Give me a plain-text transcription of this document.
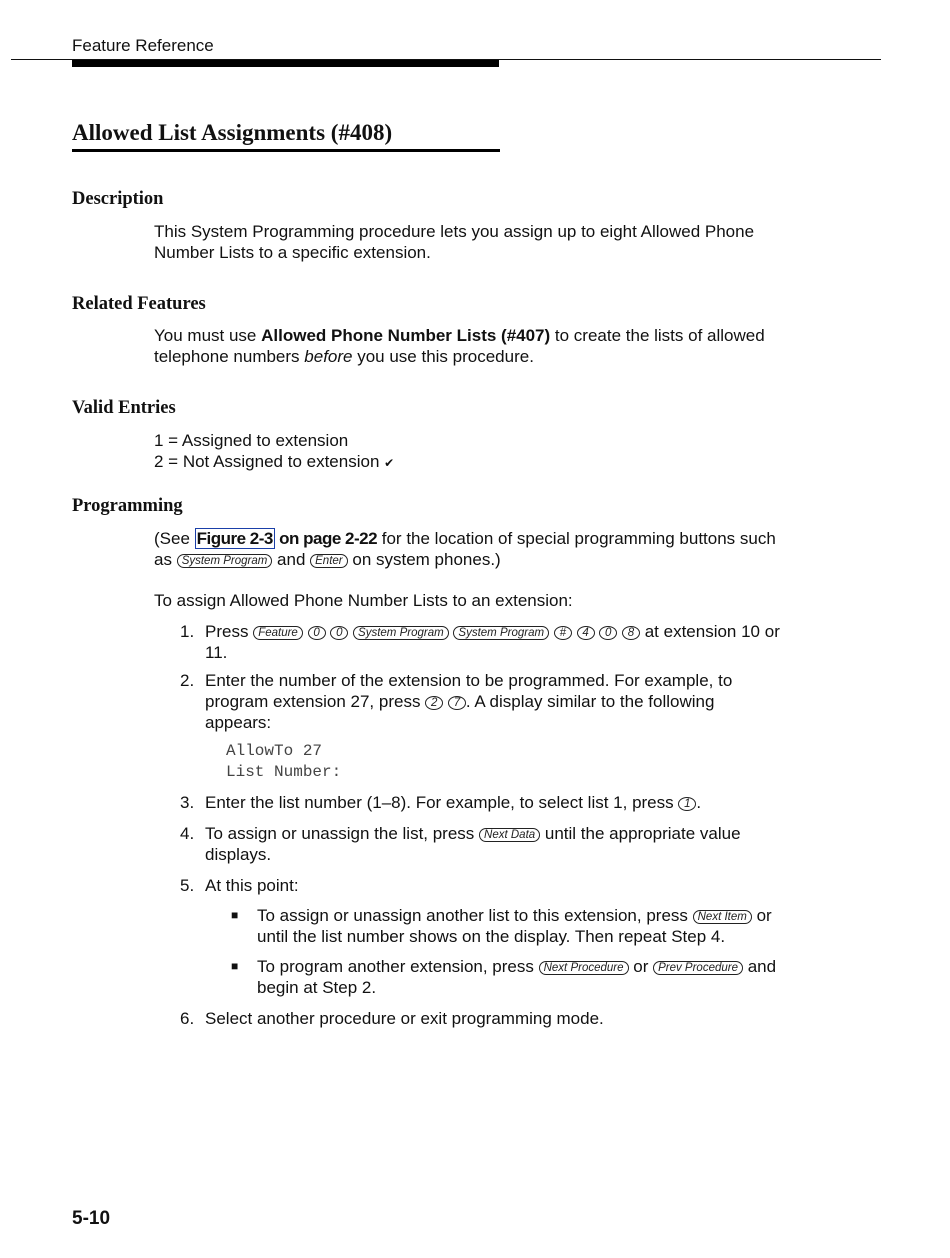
Feature Reference
Allowed List Assignments (#408)
Description

This System Programming procedure lets you assign up to eight Allowed Phone Number Lists to a specific extension.

Related Features

You must use Allowed Phone Number Lists (#407) to create the lists of allowed telephone numbers before you use this procedure.

Valid Entries
1 = Assigned to extension
2 = Not Assigned to extension ✔
Programming

(See Figure 2-3 on page 2-22 for the location of special programming buttons such as System Program and Enter on system phones.)

To assign Allowed Phone Number Lists to an extension:

1. Press Feature 0 0 System Program System Program # 4 0 8 at extension 10 or 11.
2. Enter the number of the extension to be programmed. For example, to program extension 27, press 2 7 . A display similar to the following appears:
AllowTo 27
List Number:
3. Enter the list number (1–8). For example, to select list 1, press 1 .
4. To assign or unassign the list, press Next Data until the appropriate value displays.
5. At this point:
■ To assign or unassign another list to this extension, press Next Item or until the list number shows on the display. Then repeat Step 4.
■ To program another extension, press Next Procedure or Prev Procedure and begin at Step 2.
6. Select another procedure or exit programming mode.
5-10
